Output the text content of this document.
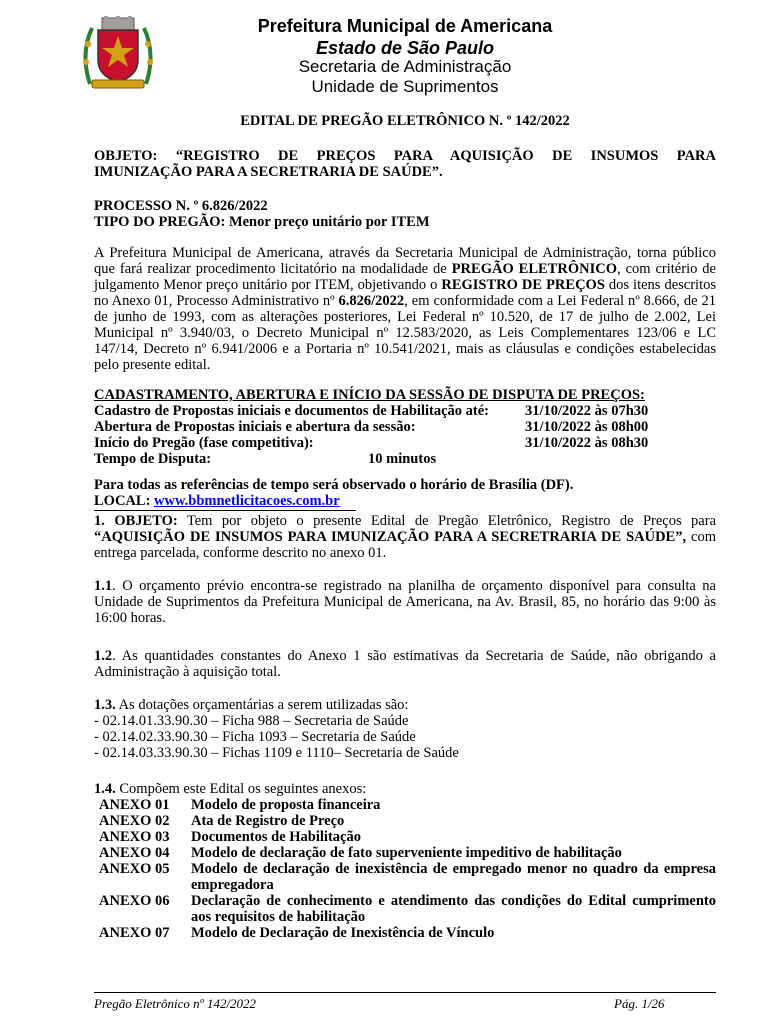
Prefeitura Municipal de Americana
Estado de São Paulo
Secretaria de Administração
Unidade de Suprimentos
EDITAL DE PREGÃO ELETRÔNICO N. º 142/2022
OBJETO:   “REGISTRO   DE   PREÇOS   PARA   AQUISIÇÃO   DE   INSUMOS   PARA
IMUNIZAÇÃO PARA A SECRETRARIA DE SAÚDE”.
PROCESSO N. º 6.826/2022
TIPO DO PREGÃO: Menor preço unitário por ITEM
A Prefeitura Municipal de Americana, através da Secretaria Municipal de Administração, torna público que fará realizar procedimento licitatório na modalidade de PREGÃO ELETRÔNICO, com critério de julgamento Menor preço unitário por ITEM, objetivando o REGISTRO DE PREÇOS dos itens descritos no Anexo 01, Processo Administrativo nº 6.826/2022, em conformidade com a Lei Federal nº 8.666, de 21 de junho de 1993, com as alterações posteriores, Lei Federal nº 10.520, de 17 de julho de 2.002, Lei Municipal nº 3.940/03, o Decreto Municipal nº 12.583/2020, as Leis Complementares 123/06 e LC 147/14, Decreto nº 6.941/2006 e a Portaria nº 10.541/2021, mais as cláusulas e condições estabelecidas pelo presente edital.
CADASTRAMENTO, ABERTURA E INÍCIO DA SESSÃO DE DISPUTA DE PREÇOS:
Cadastro de Propostas iniciais e documentos de Habilitação até: 31/10/2022 às 07h30
Abertura de Propostas iniciais e abertura da sessão:	31/10/2022 às 08h00
Início do Pregão (fase competitiva):	31/10/2022 às 08h30
Tempo de Disputa:	10 minutos
Para todas as referências de tempo será observado o horário de Brasília (DF).
LOCAL: www.bbmnetlicitacoes.com.br
1. OBJETO: Tem por objeto o presente Edital de Pregão Eletrônico, Registro de Preços para “AQUISIÇÃO DE INSUMOS PARA IMUNIZAÇÃO PARA A SECRETRARIA DE SAÚDE”, com entrega parcelada, conforme descrito no anexo 01.
1.1. O orçamento prévio encontra-se registrado na planilha de orçamento disponível para consulta na Unidade de Suprimentos da Prefeitura Municipal de Americana, na Av. Brasil, 85, no horário das 9:00 às 16:00 horas.
1.2. As quantidades constantes do Anexo 1 são estimativas da Secretaria de Saúde, não obrigando a Administração à aquisição total.
1.3. As dotações orçamentárias a serem utilizadas são:
- 02.14.01.33.90.30 – Ficha 988 – Secretaria de Saúde
- 02.14.02.33.90.30 – Ficha 1093 – Secretaria de Saúde
- 02.14.03.33.90.30 – Fichas 1109 e 1110– Secretaria de Saúde
1.4. Compõem este Edital os seguintes anexos:
ANEXO 01 Modelo de proposta financeira
ANEXO 02 Ata de Registro de Preço
ANEXO 03 Documentos de Habilitação
ANEXO 04 Modelo de declaração de fato superveniente impeditivo de habilitação
ANEXO 05 Modelo de declaração de inexistência de empregado menor no quadro da empresa empregadora
ANEXO 06 Declaração de conhecimento e atendimento das condições do Edital cumprimento aos requisitos de habilitação
ANEXO 07 Modelo de Declaração de Inexistência de Vínculo
Pregão Eletrônico nº 142/2022	Pág. 1/26
